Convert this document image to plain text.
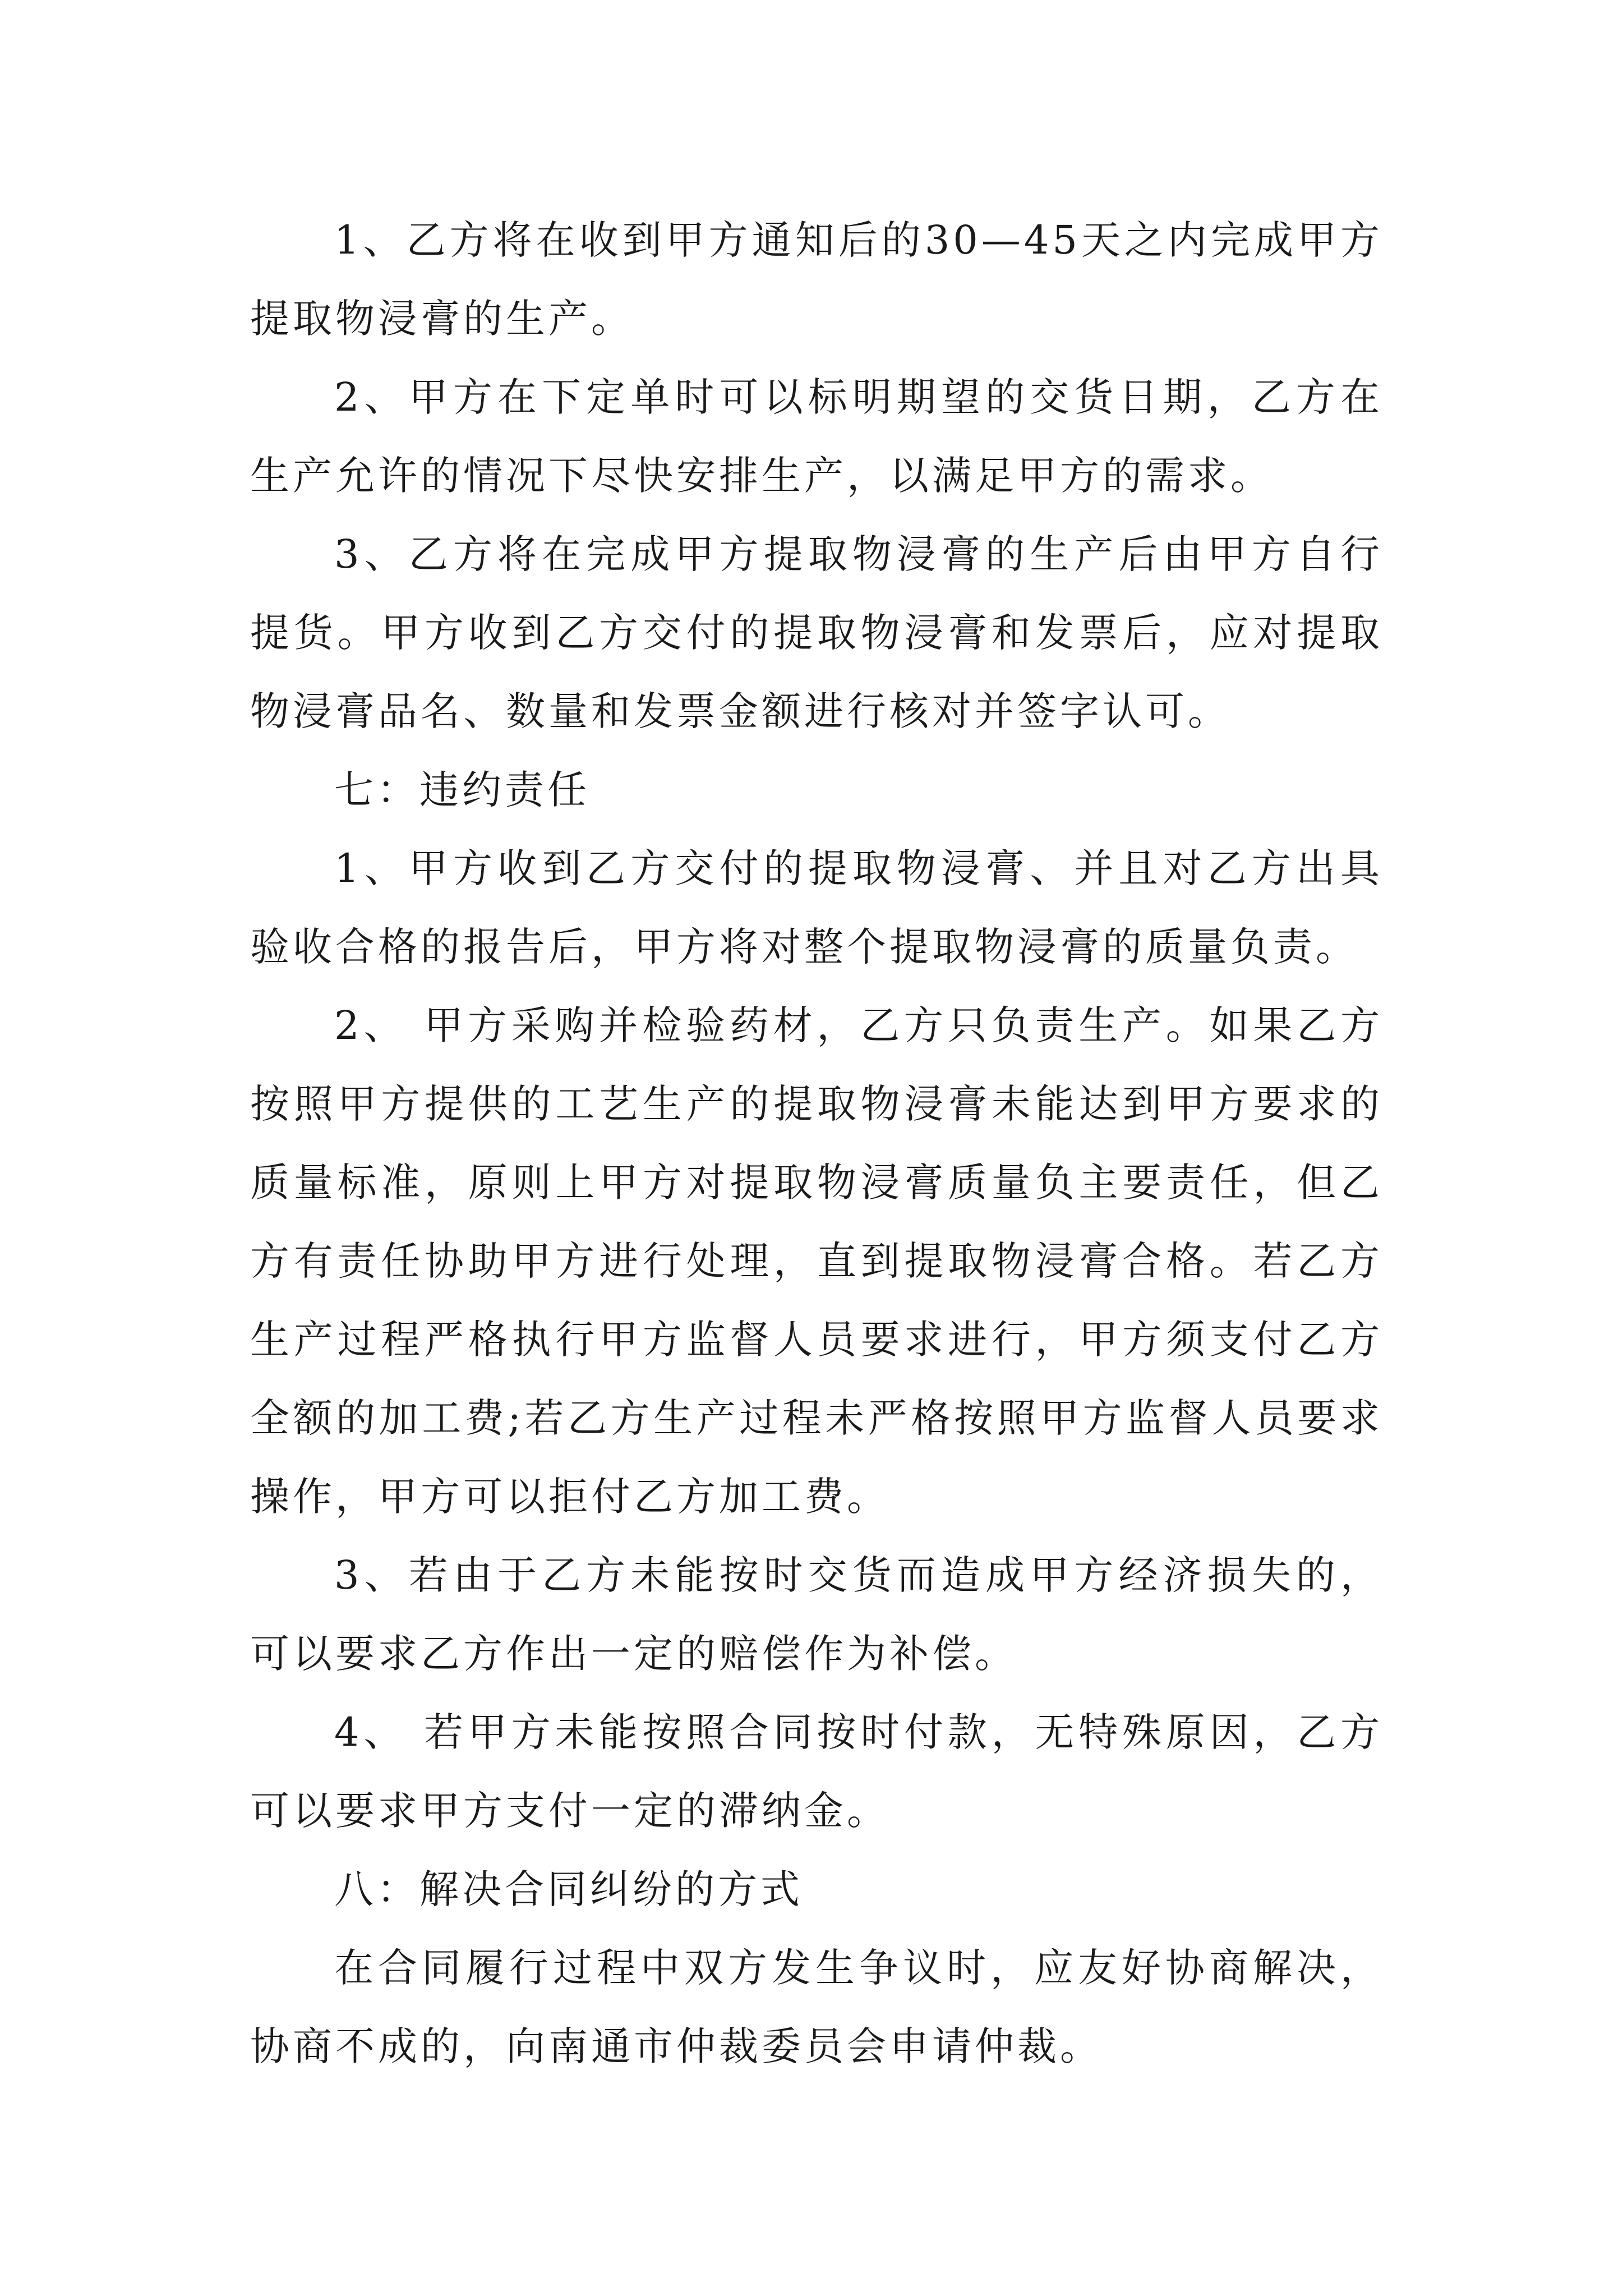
1、乙方将在收到甲方通知后的30—45天之内完成甲方提取物浸膏的生产。

2、甲方在下定单时可以标明期望的交货日期，乙方在生产允许的情况下尽快安排生产，以满足甲方的需求。

3、乙方将在完成甲方提取物浸膏的生产后由甲方自行提货。甲方收到乙方交付的提取物浸膏和发票后，应对提取物浸膏品名、数量和发票金额进行核对并签字认可。

七：违约责任

1、甲方收到乙方交付的提取物浸膏、并且对乙方出具验收合格的报告后，甲方将对整个提取物浸膏的质量负责。

2、 甲方采购并检验药材，乙方只负责生产。如果乙方按照甲方提供的工艺生产的提取物浸膏未能达到甲方要求的质量标准，原则上甲方对提取物浸膏质量负主要责任，但乙方有责任协助甲方进行处理，直到提取物浸膏合格。若乙方生产过程严格执行甲方监督人员要求进行，甲方须支付乙方全额的加工费;若乙方生产过程未严格按照甲方监督人员要求操作，甲方可以拒付乙方加工费。

3、若由于乙方未能按时交货而造成甲方经济损失的，可以要求乙方作出一定的赔偿作为补偿。

4、 若甲方未能按照合同按时付款，无特殊原因，乙方可以要求甲方支付一定的滞纳金。

八：解决合同纠纷的方式

在合同履行过程中双方发生争议时，应友好协商解决，协商不成的，向南通市仲裁委员会申请仲裁。
